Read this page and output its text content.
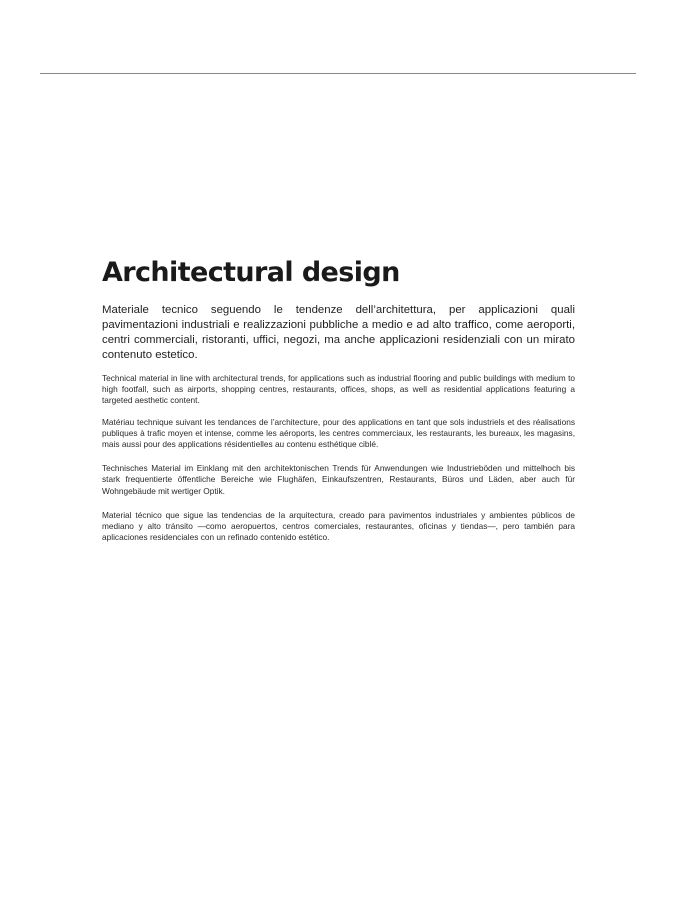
Architectural design

Materiale tecnico seguendo le tendenze dell’architettura, per applicazioni quali pavimentazioni industriali e realizzazioni pubbliche a medio e ad alto traffico, come aeroporti, centri commerciali, ristoranti, uffici, negozi, ma anche applicazioni residenziali con un mirato contenuto estetico.

Technical material in line with architectural trends, for applications such as industrial flooring and public buildings with medium to high footfall, such as airports, shopping centres, restaurants, offices, shops, as well as residential applications featuring a targeted aesthetic content.

Matériau technique suivant les tendances de l’architecture, pour des applications en tant que sols industriels et des réalisations publiques à trafic moyen et intense, comme les aéroports, les centres commerciaux, les restaurants, les bureaux, les magasins, mais aussi pour des applications résidentielles au contenu esthétique ciblé.

Technisches Material im Einklang mit den architektonischen Trends für Anwendungen wie Industrieböden und mittelhoch bis stark frequentierte öffentliche Bereiche wie Flughäfen, Einkaufszentren, Restaurants, Büros und Läden, aber auch für Wohngebäude mit wertiger Optik.

Material técnico que sigue las tendencias de la arquitectura, creado para pavimentos industriales y ambientes públicos de mediano y alto tránsito —como aeropuertos, centros comerciales, restaurantes, oficinas y tiendas—, pero también para aplicaciones residenciales con un refinado contenido estético.
